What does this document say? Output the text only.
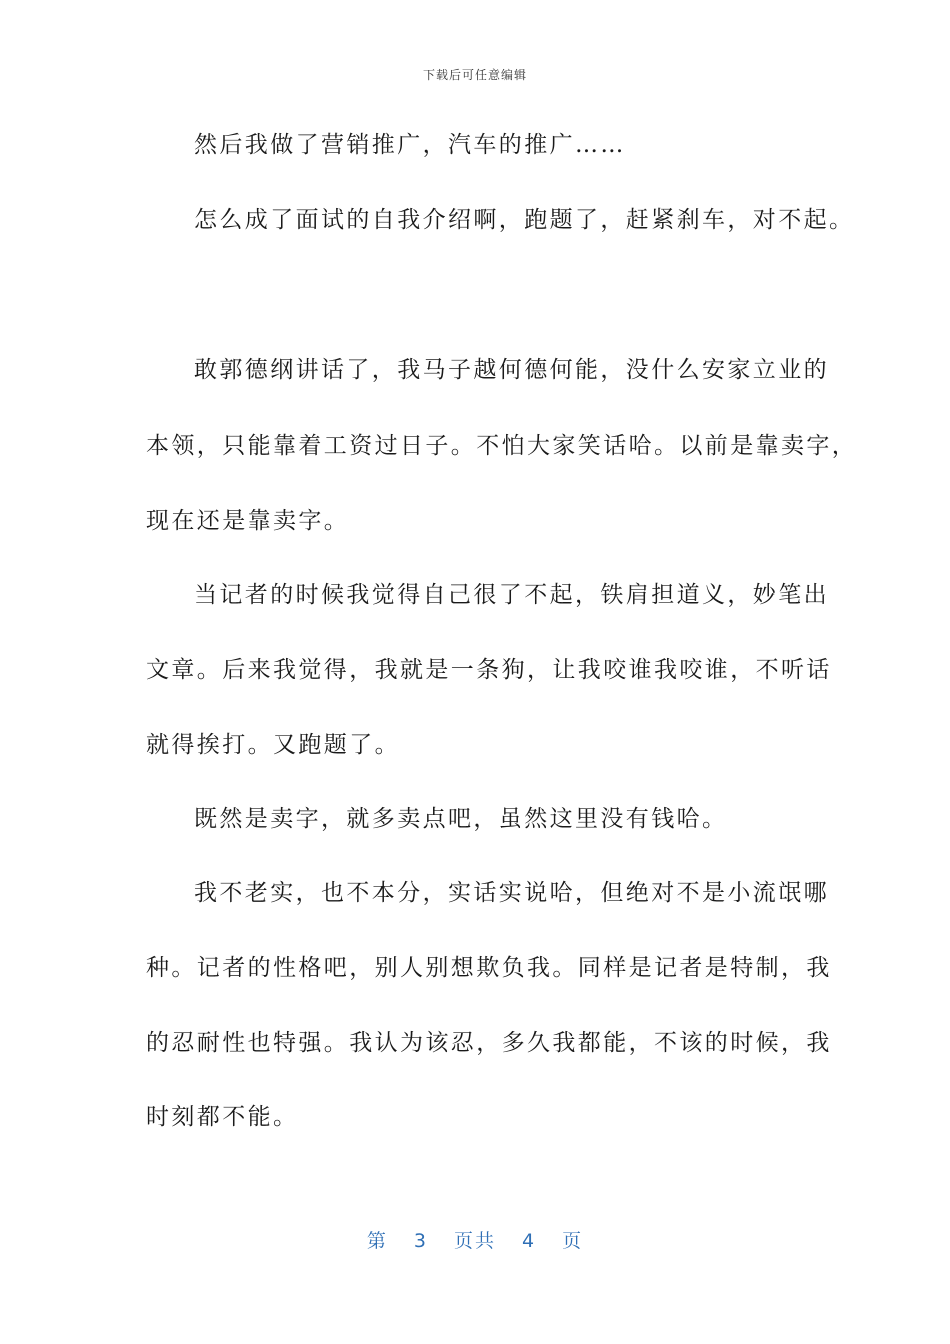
下载后可任意编辑
然后我做了营销推广，汽车的推广……
怎么成了面试的自我介绍啊，跑题了，赶紧刹车，对不起。
敢郭德纲讲话了，我马子越何德何能，没什么安家立业的
本领，只能靠着工资过日子。不怕大家笑话哈。以前是靠卖字，
现在还是靠卖字。
当记者的时候我觉得自己很了不起，铁肩担道义，妙笔出
文章。后来我觉得，我就是一条狗，让我咬谁我咬谁，不听话
就得挨打。又跑题了。
既然是卖字，就多卖点吧，虽然这里没有钱哈。
我不老实，也不本分，实话实说哈，但绝对不是小流氓哪
种。记者的性格吧，别人别想欺负我。同样是记者是特制，我
的忍耐性也特强。我认为该忍，多久我都能，不该的时候，我
时刻都不能。
第 3 页共 4 页
